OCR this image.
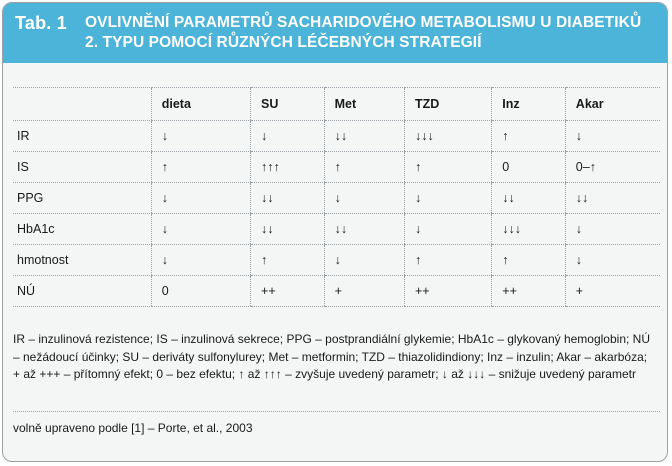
Tab. 1 OVLIVNĚNÍ PARAMETRŮ SACHARIDOVÉHO METABOLISMU U DIABETIKŮ
2. TYPU POMOCÍ RŮZNÝCH LÉČEBNÝCH STRATEGIÍ
	dieta	SU	Met	TZD	Inz	Akar
IR	↓	↓	↓↓	↓↓↓	↑	↓
IS	↑	↑↑↑	↑	↑	0	0–↑
PPG	↓	↓↓	↓	↓	↓↓	↓↓
HbA1c	↓	↓↓	↓↓	↓	↓↓↓	↓
hmotnost	↓	↑	↓	↑	↑	↓
NÚ	0	++	+	++	++	+
IR – inzulinová rezistence; IS – inzulinová sekrece; PPG – postprandiální glykemie; HbA1c – glykovaný hemoglobin; NÚ – nežádoucí účinky; SU – deriváty sulfonylurey; Met – metformin; TZD – thiazolidindiony; Inz – inzulin; Akar – akarbóza; + až +++ – přítomný efekt; 0 – bez efektu; ↑ až ↑↑↑ – zvyšuje uvedený parametr; ↓ až ↓↓↓ – snižuje uvedený parametr
volně upraveno podle [1] – Porte, et al., 2003
